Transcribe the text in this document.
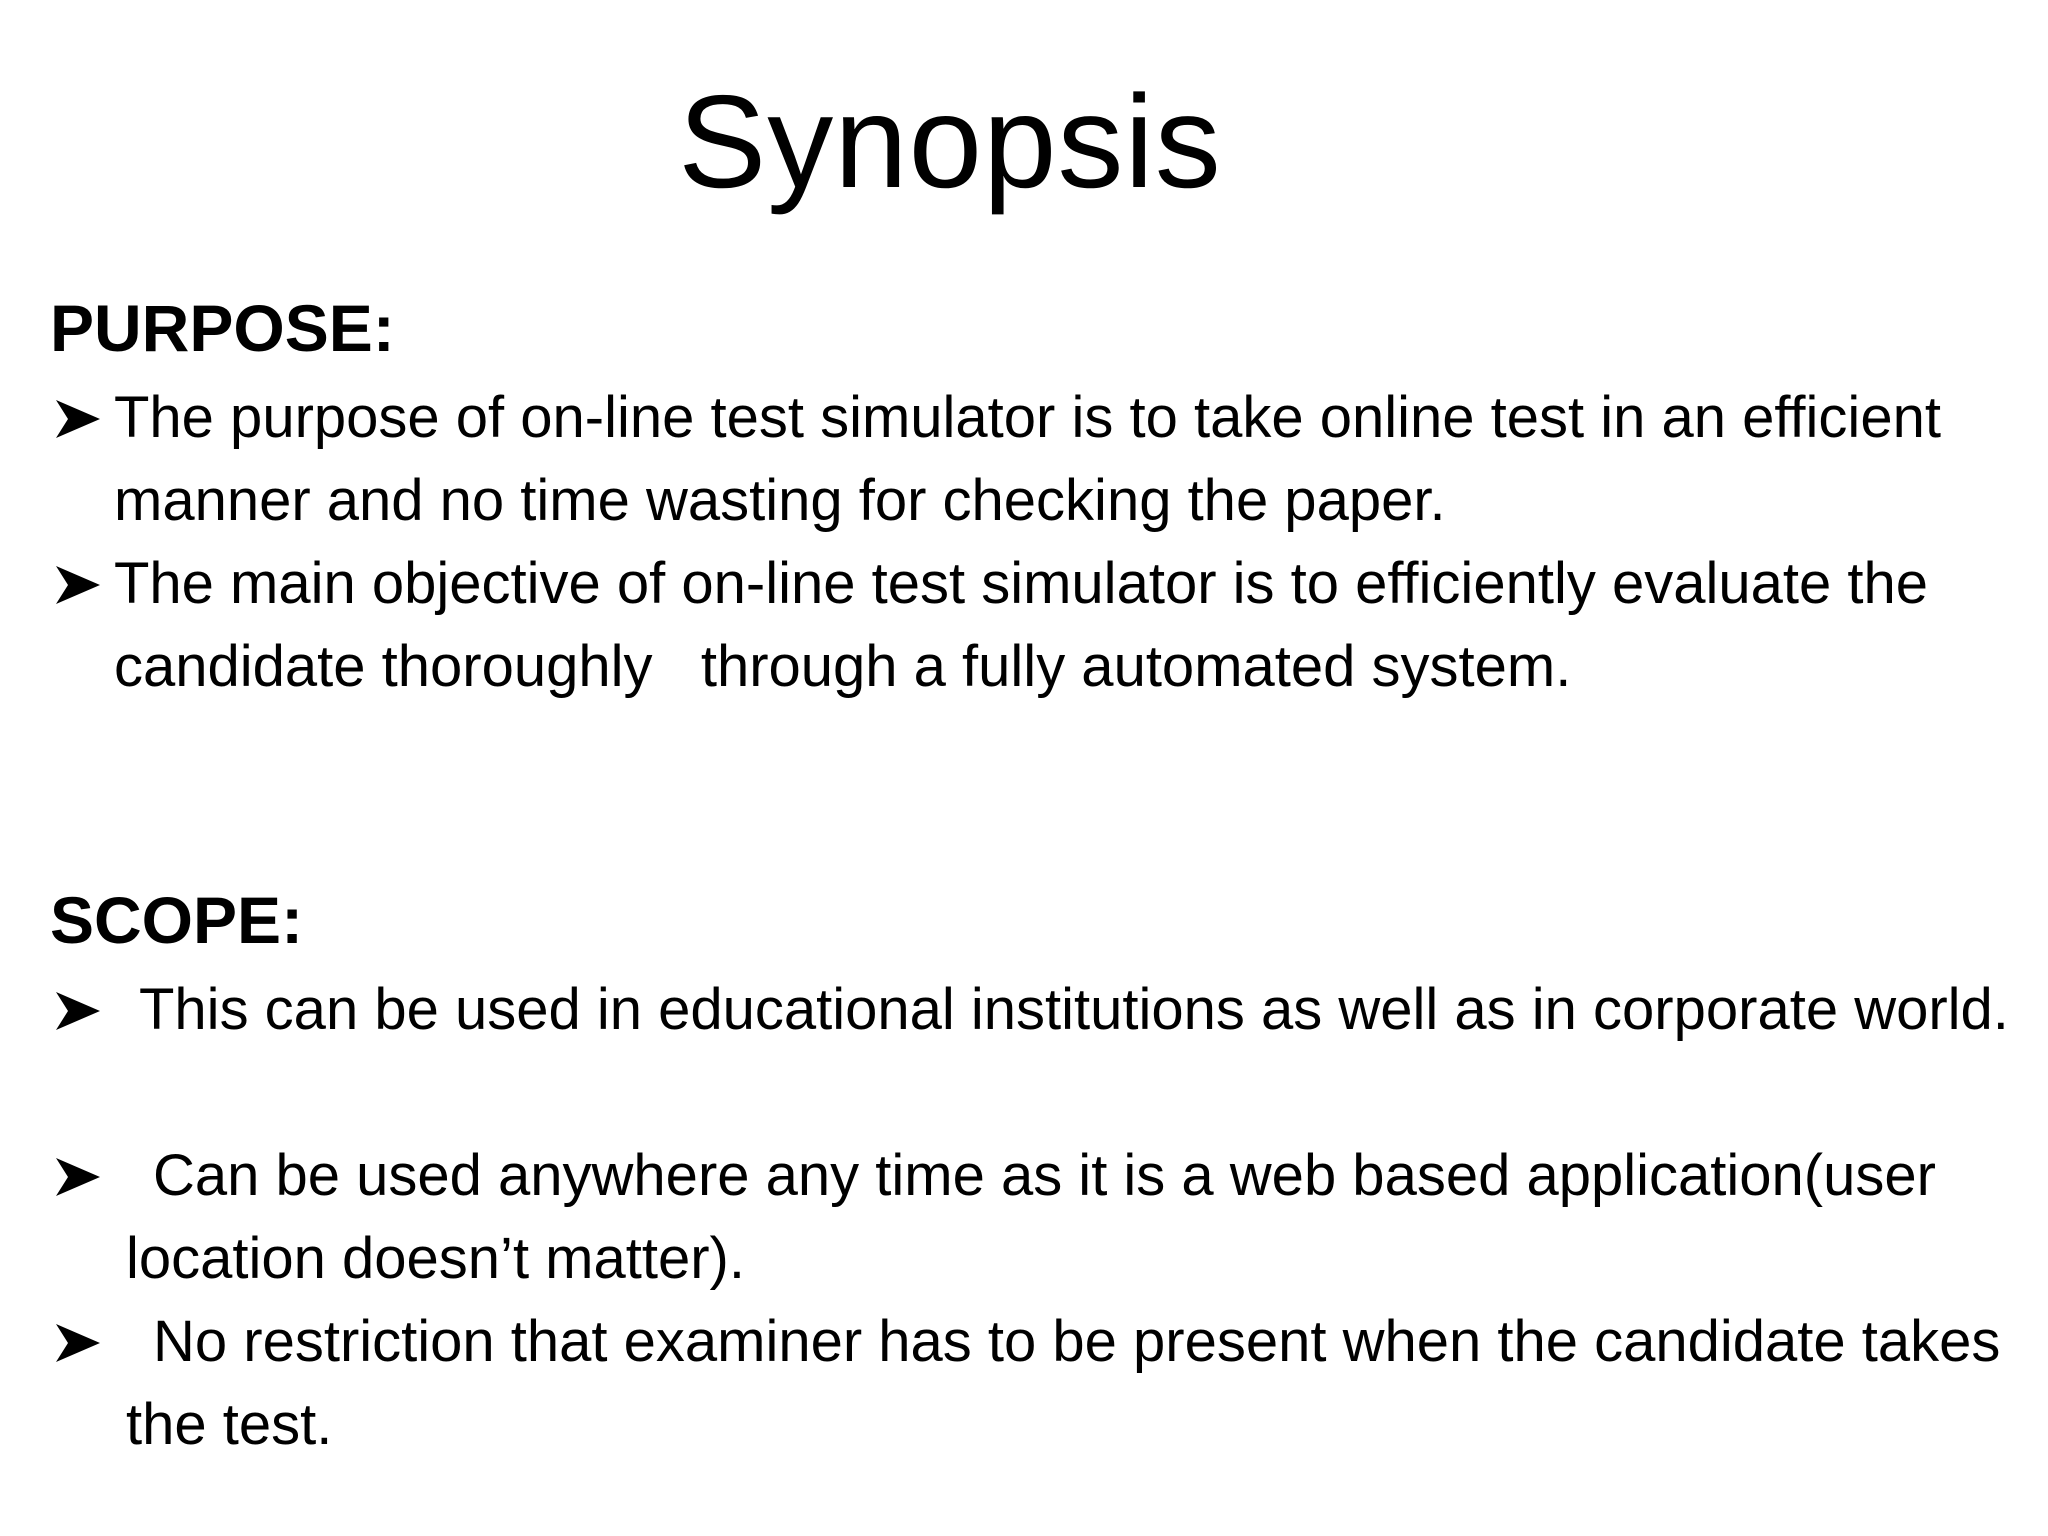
Synopsis
PURPOSE:
The purpose of on-line test simulator is to take online test in an efficient manner and no time wasting for checking the paper.
The main objective of on-line test simulator is to efficiently evaluate the candidate thoroughly   through a fully automated system.
SCOPE:
This can be used in educational institutions as well as in corporate world.
Can be used anywhere any time as it is a web based application(user location doesn’t matter).
No restriction that examiner has to be present when the candidate takes the test.
